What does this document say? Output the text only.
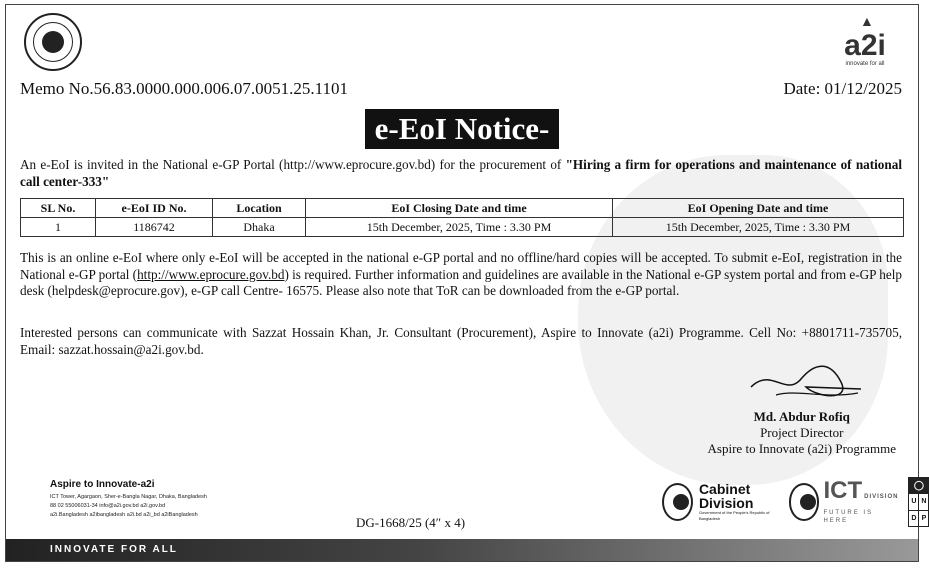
▲
a2i
innovate for all
Memo No.56.83.0000.000.006.07.0051.25.1101	Date: 01/12/2025
e-EoI Notice-
An e-EoI is invited in the National e-GP Portal (http://www.eprocure.gov.bd) for the procurement of "Hiring a firm for operations and maintenance of national call center-333"
SL No.	e-EoI ID No.	Location	EoI Closing Date and time	EoI Opening Date and time
1	1186742	Dhaka	15th December, 2025, Time : 3.30 PM	15th December, 2025, Time : 3.30 PM
This is an online e-EoI where only e-EoI will be accepted in the national e-GP portal and no offline/hard copies will be accepted. To submit e-EoI, registration in the National e-GP portal (http://www.eprocure.gov.bd) is required. Further information and guidelines are available in the National e-GP system portal and from e-GP help desk (helpdesk@eprocure.gov), e-GP call Centre- 16575. Please also note that ToR can be downloaded from the e-GP portal.
Interested persons can communicate with Sazzat Hossain Khan, Jr. Consultant (Procurement), Aspire to Innovate (a2i) Programme. Cell No: +8801711-735705, Email: sazzat.hossain@a2i.gov.bd.
Md. Abdur Rofiq
Project Director
Aspire to Innovate (a2i) Programme
Aspire to Innovate-a2i
ICT Tower, Agargaon, Sher-e-Bangla Nagar, Dhaka, Bangladesh
88 02 55006031-34 info@a2i.gov.bd a2i.gov.bd
a2i.Bangladesh a2ibangladesh a2i.bd a2i_bd a2iBangladesh	DG-1668/25 (4″ x 4)
Cabinet
Division
Government of the People's Republic of Bangladesh
ICT DIVISION
FUTURE IS HERE
◯
U N
D P
INNOVATE FOR ALL
